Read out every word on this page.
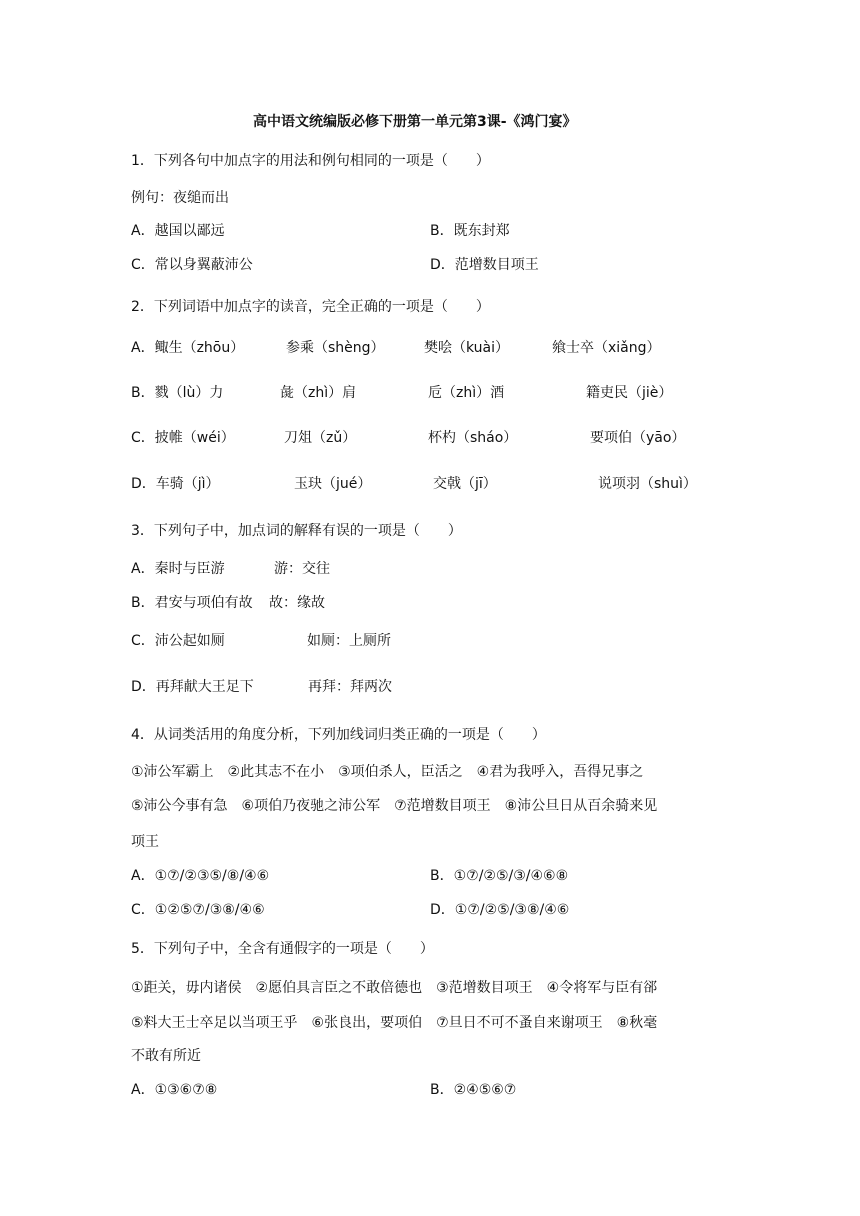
高中语文统编版必修下册第一单元第3课-《鸿门宴》
1．下列各句中加点字的用法和例句相同的一项是（　　）
例句：夜缒而出
A．越国以鄙远	B．既东封郑
C．常以身翼蔽沛公	D．范增数目项王
2．下列词语中加点字的读音，完全正确的一项是（　　）
A．鲰生（zhōu）	参乘（shèng）	樊哙（kuài）	飨士卒（xiǎng）
B．戮（lù）力	彘（zhì）肩	卮（zhì）酒	籍吏民（jiè）
C．披帷（wéi）	刀俎（zǔ）	杯杓（sháo）	要项伯（yāo）
D．车骑（jì）	玉玦（jué）	交戟（jī）	说项羽（shuì）
3．下列句子中，加点词的解释有误的一项是（　　）
A．秦时与臣游	游：交往
B．君安与项伯有故 故：缘故
C．沛公起如厕	如厕：上厕所
D．再拜献大王足下	再拜：拜两次
4．从词类活用的角度分析，下列加线词归类正确的一项是（　　）
①沛公军霸上　②此其志不在小　③项伯杀人，臣活之　④君为我呼入，吾得兄事之
⑤沛公今事有急　⑥项伯乃夜驰之沛公军　⑦范增数目项王　⑧沛公旦日从百余骑来见
项王
A．①⑦/②③⑤/⑧/④⑥	B．①⑦/②⑤/③/④⑥⑧
C．①②⑤⑦/③⑧/④⑥	D．①⑦/②⑤/③⑧/④⑥
5．下列句子中，全含有通假字的一项是（　　）
①距关，毋内诸侯　②愿伯具言臣之不敢倍德也　③范增数目项王　④令将军与臣有郤
⑤料大王士卒足以当项王乎　⑥张良出，要项伯　⑦旦日不可不蚤自来谢项王　⑧秋毫
不敢有所近
A．①③⑥⑦⑧	B．②④⑤⑥⑦
